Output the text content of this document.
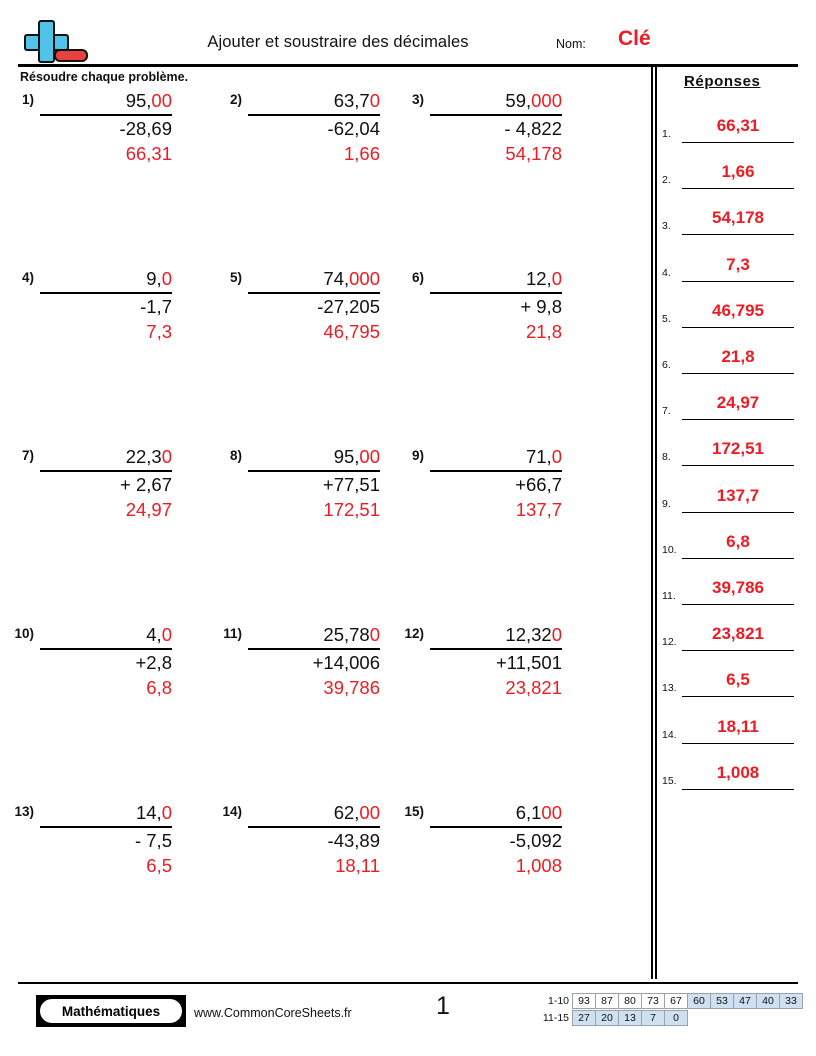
Ajouter et soustraire des décimales	Nom: Clé
Résoudre chaque problème.
1)	95,00
-28,69
66,31
2)	63,70
-62,04
1,66
3)	59,000
- 4,822
54,178
4)	9,0
-1,7
7,3
5)	74,000
-27,205
46,795
6)	12,0
+ 9,8
21,8
7)	22,30
+ 2,67
24,97
8)	95,00
+77,51
172,51
9)	71,0
+66,7
137,7
10)	4,0
+2,8
6,8
11)	25,780
+14,006
39,786
12)	12,320
+11,501
23,821
13)	14,0
- 7,5
6,5
14)	62,00
-43,89
18,11
15)	6,100
-5,092
1,008
Réponses
1.	66,31
2.	1,66
3.	54,178
4.	7,3
5.	46,795
6.	21,8
7.	24,97
8.	172,51
9.	137,7
10.	6,8
11.	39,786
12.	23,821
13.	6,5
14.	18,11
15.	1,008
Mathématiques	www.CommonCoreSheets.fr	1	1-10 93	87	80	73	67	60	53	47	40	33
11-15 27	20	13	7	0
